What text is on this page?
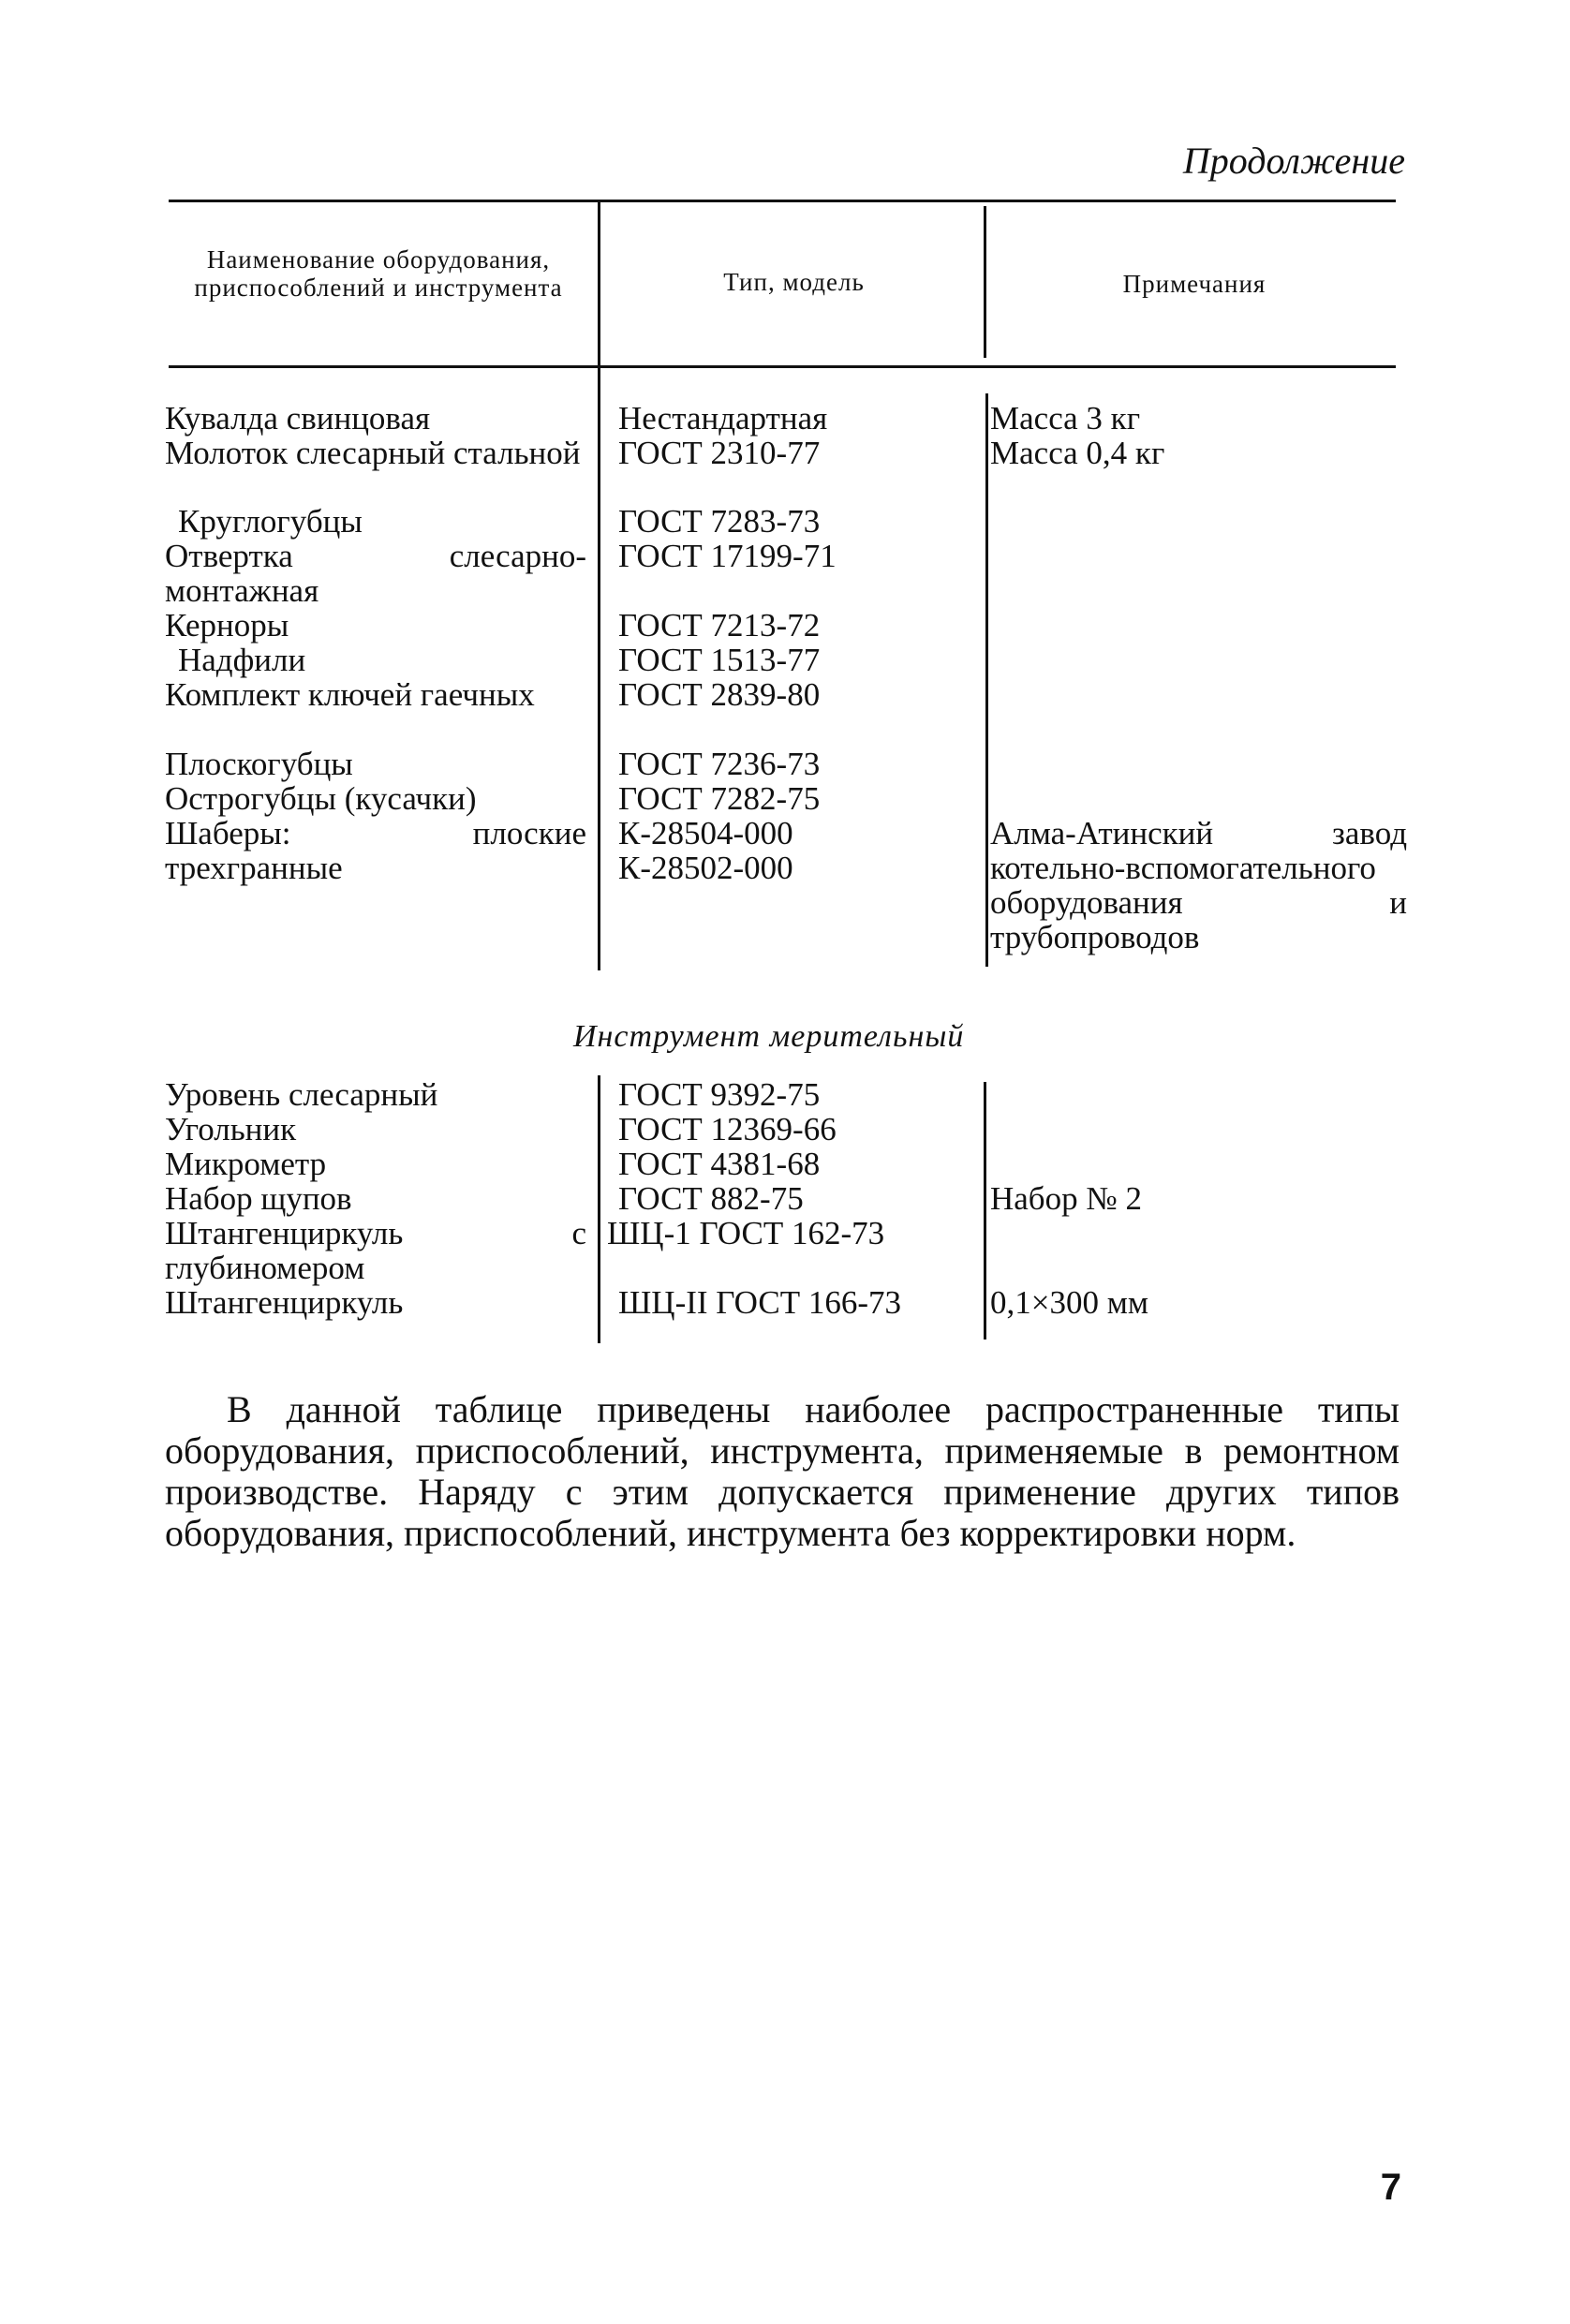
Продолжение
Наименование оборудования, приспособлений и инструмента	Тип, модель	Примечания
Кувалда свинцовая
Молоток слесарный стальной
Круглогубцы
Отвертка слесарно-монтажная
Керноры
Надфили
Комплект ключей гаечных
Плоскогубцы
Острогубцы (кусачки)
Шаберы: плоские трехгранные
Нестандартная
ГОСТ 2310-77
ГОСТ 7283-73
ГОСТ 17199-71
ГОСТ 7213-72
ГОСТ 1513-77
ГОСТ 2839-80
ГОСТ 7236-73
ГОСТ 7282-75
К-28504-000
К-28502-000
Масса 3 кг
Масса 0,4 кг
Алма-Атинский завод котельно-вспомогательного оборудования и трубопроводов
Инструмент мерительный
Уровень слесарный
Угольник
Микрометр
Набор щупов
Штангенциркуль с глубиномером
Штангенциркуль
ГОСТ 9392-75
ГОСТ 12369-66
ГОСТ 4381-68
ГОСТ 882-75
ШЦ-1 ГОСТ 162-73
ШЦ-II ГОСТ 166-73
Набор № 2
0,1×300 мм
В данной таблице приведены наиболее распространенные типы оборудования, приспособлений, инструмента, применяемые в ремонтном производстве. Наряду с этим допускается применение других типов оборудования, приспособлений, инструмента без корректировки норм.
7
